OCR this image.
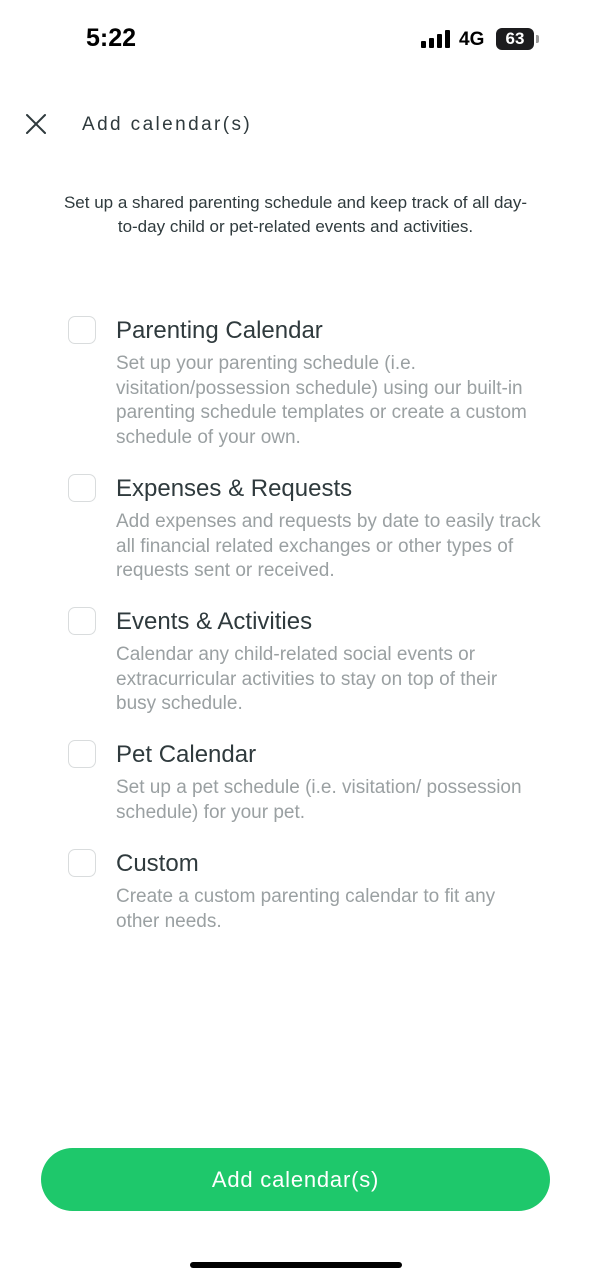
5:22	4G 63
Add calendar(s)

Set up a shared parenting schedule and keep track of all day-to-day child or pet-related events and activities.

Parenting Calendar
Set up your parenting schedule (i.e. visitation/possession schedule) using our built-in parenting schedule templates or create a custom schedule of your own.
Expenses & Requests
Add expenses and requests by date to easily track all financial related exchanges or other types of requests sent or received.
Events & Activities
Calendar any child-related social events or extracurricular activities to stay on top of their busy schedule.
Pet Calendar
Set up a pet schedule (i.e. visitation/ possession schedule) for your pet.
Custom
Create a custom parenting calendar to fit any other needs.
Add calendar(s)
